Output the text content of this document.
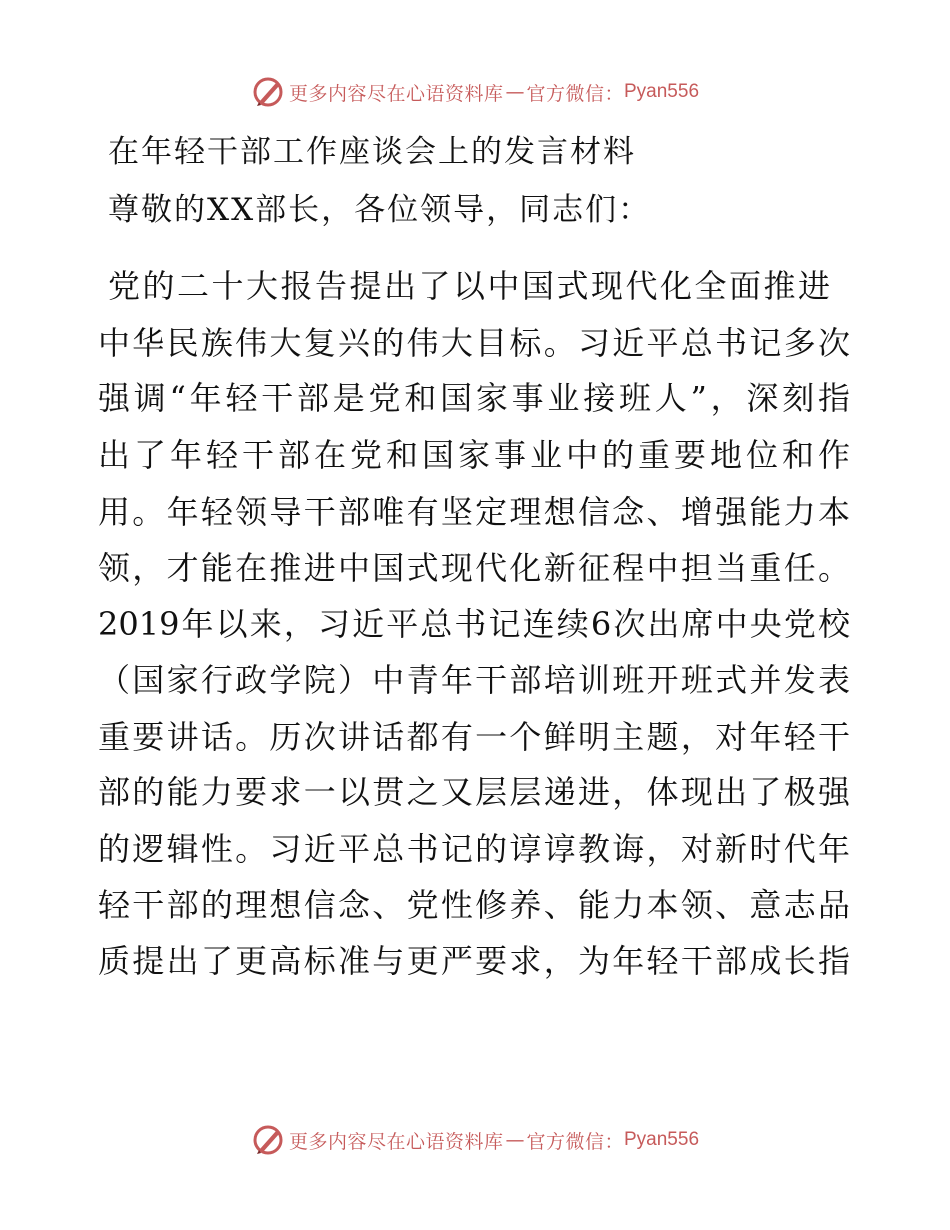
更多内容尽在心语资料库 — 官方微信： Pyan556
在年轻干部工作座谈会上的发言材料
尊敬的XX部长，各位领导，同志们：
党的二十大报告提出了以中国式现代化全面推进
中华民族伟大复兴的伟大目标。习近平总书记多次
强调“年轻干部是党和国家事业接班人”，深刻指
出了年轻干部在党和国家事业中的重要地位和作
用。年轻领导干部唯有坚定理想信念、增强能力本
领，才能在推进中国式现代化新征程中担当重任。
2019年以来，习近平总书记连续6次出席中央党校
（国家行政学院）中青年干部培训班开班式并发表
重要讲话。历次讲话都有一个鲜明主题，对年轻干
部的能力要求一以贯之又层层递进，体现出了极强
的逻辑性。习近平总书记的谆谆教诲，对新时代年
轻干部的理想信念、党性修养、能力本领、意志品
质提出了更高标准与更严要求，为年轻干部成长指
更多内容尽在心语资料库 — 官方微信： Pyan556
